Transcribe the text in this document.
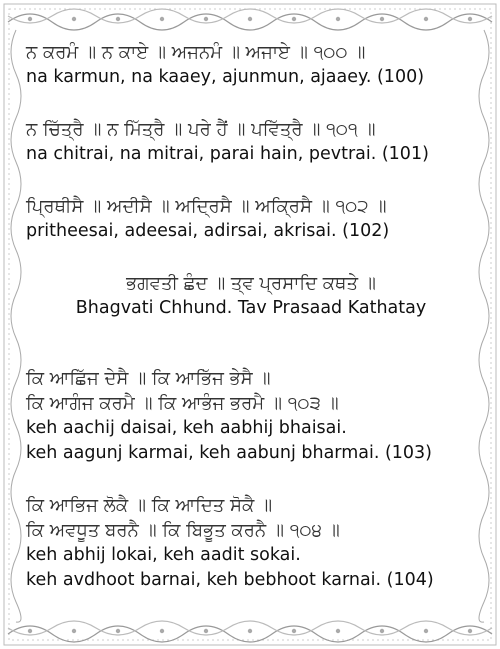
ਨ ਕਰਮੰ ॥ ਨ ਕਾਏ ॥ ਅਜਨਮੰ ॥ ਅਜਾਏ ॥ ੧੦੦ ॥
na karmun, na kaaey, ajunmun, ajaaey. (100)
ਨ ਚਿੱਤ੍ਰੈ ॥ ਨ ਮਿੱਤ੍ਰੈ ॥ ਪਰੇ ਹੈਂ ॥ ਪਵਿੱਤ੍ਰੈ ॥ ੧੦੧ ॥
na chitrai, na mitrai, parai hain, pevtrai. (101)
ਪ੍ਰਿਥੀਸੈ ॥ ਅਦੀਸੈ ॥ ਅਦ੍ਰਿਸੈ ॥ ਅਕ੍ਰਿਸੈ ॥ ੧੦੨ ॥
pritheesai, adeesai, adirsai, akrisai. (102)
ਭਗਵਤੀ ਛੰਦ ॥ ਤ੍ਵ ਪ੍ਰਸਾਦਿ ਕਥਤੇ ॥
Bhagvati Chhund. Tav Prasaad Kathatay
ਕਿ ਆਛਿੱਜ ਦੇਸੈ ॥ ਕਿ ਆਭਿੱਜ ਭੇਸੈ ॥
ਕਿ ਆਗੰਜ ਕਰਮੈ ॥ ਕਿ ਆਭੰਜ ਭਰਮੈ ॥ ੧੦੩ ॥
keh aachij daisai, keh aabhij bhaisai.
keh aagunj karmai, keh aabunj bharmai. (103)
ਕਿ ਆਭਿਜ ਲੋਕੈ ॥ ਕਿ ਆਦਿਤ ਸੋਕੈ ॥
ਕਿ ਅਵਧੂਤ ਬਰਨੈ ॥ ਕਿ ਬਿਭੂਤ ਕਰਨੈ ॥ ੧੦੪ ॥
keh abhij lokai, keh aadit sokai.
keh avdhoot barnai, keh bebhoot karnai. (104)
